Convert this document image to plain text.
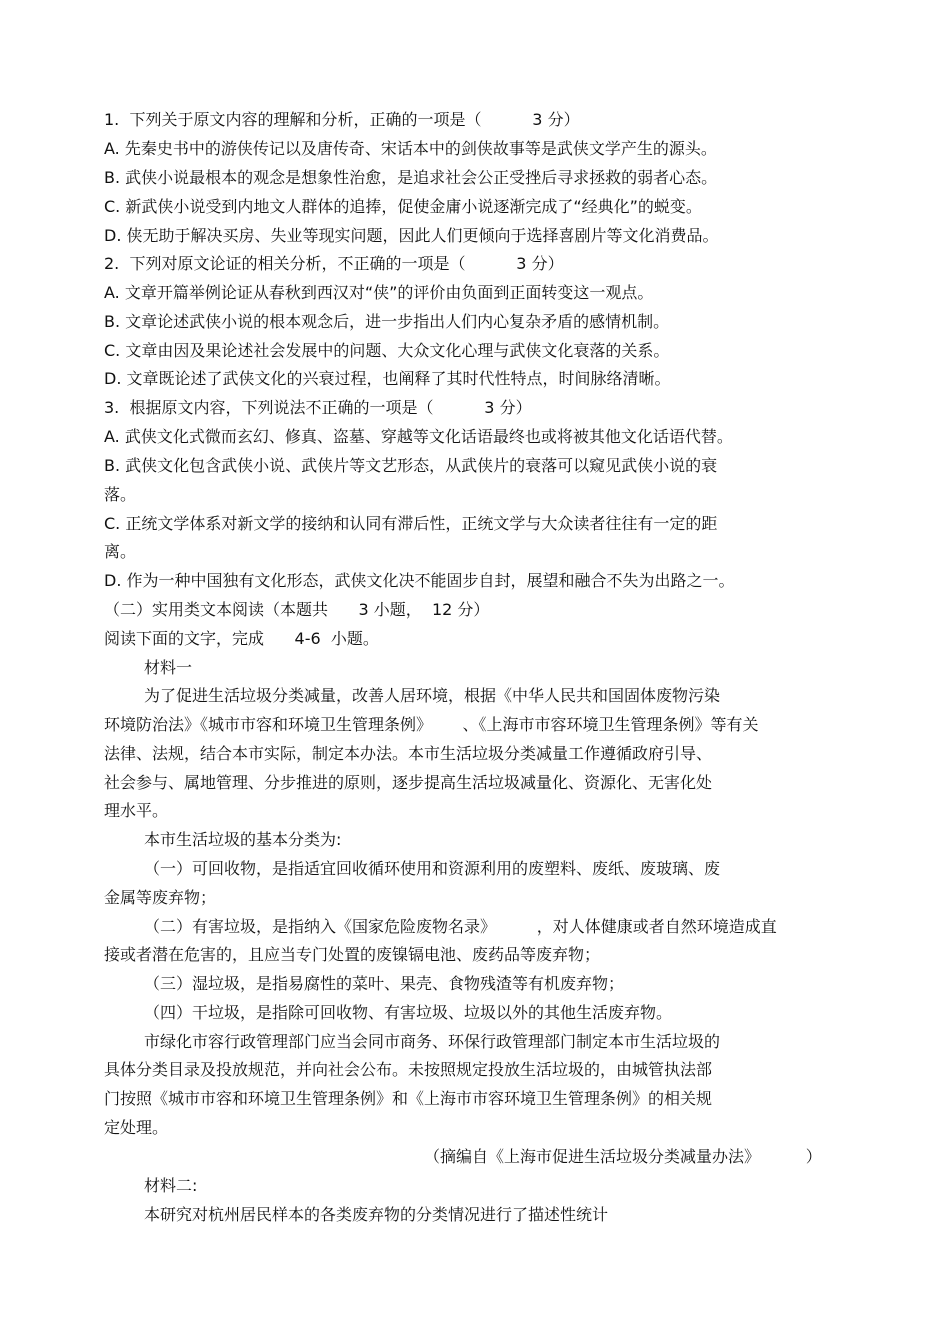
1.  下列关于原文内容的理解和分析，正确的一项是（          3 分）

A. 先秦史书中的游侠传记以及唐传奇、宋话本中的剑侠故事等是武侠文学产生的源头。

B. 武侠小说最根本的观念是想象性治愈，是追求社会公正受挫后寻求拯救的弱者心态。

C. 新武侠小说受到内地文人群体的追捧，促使金庸小说逐渐完成了“经典化”的蜕变。

D. 侠无助于解决买房、失业等现实问题，因此人们更倾向于选择喜剧片等文化消费品。

2.  下列对原文论证的相关分析，不正确的一项是（          3 分）

A. 文章开篇举例论证从春秋到西汉对“侠”的评价由负面到正面转变这一观点。

B. 文章论述武侠小说的根本观念后，进一步指出人们内心复杂矛盾的感情机制。

C. 文章由因及果论述社会发展中的问题、大众文化心理与武侠文化衰落的关系。

D. 文章既论述了武侠文化的兴衰过程，也阐释了其时代性特点，时间脉络清晰。

3.  根据原文内容，下列说法不正确的一项是（          3 分）

A. 武侠文化式微而玄幻、修真、盗墓、穿越等文化话语最终也或将被其他文化话语代替。

B. 武侠文化包含武侠小说、武侠片等文艺形态，从武侠片的衰落可以窥见武侠小说的衰

落。

C. 正统文学体系对新文学的接纳和认同有滞后性，正统文学与大众读者往往有一定的距

离。

D. 作为一种中国独有文化形态，武侠文化决不能固步自封，展望和融合不失为出路之一。

（二）实用类文本阅读（本题共      3 小题，  12 分）

阅读下面的文字，完成      4-6  小题。

材料一

为了促进生活垃圾分类减量，改善人居环境，根据《中华人民共和国固体废物污染

环境防治法》《城市市容和环境卫生管理条例》      、《上海市市容环境卫生管理条例》等有关

法律、法规，结合本市实际，制定本办法。本市生活垃圾分类减量工作遵循政府引导、

社会参与、属地管理、分步推进的原则，逐步提高生活垃圾减量化、资源化、无害化处

理水平。

本市生活垃圾的基本分类为:

（一）可回收物，是指适宜回收循环使用和资源利用的废塑料、废纸、废玻璃、废

金属等废弃物；

（二）有害垃圾，是指纳入《国家危险废物名录》        ，对人体健康或者自然环境造成直

接或者潜在危害的，且应当专门处置的废镍镉电池、废药品等废弃物；

（三）湿垃圾，是指易腐性的菜叶、果壳、食物残渣等有机废弃物；

（四）干垃圾，是指除可回收物、有害垃圾、垃圾以外的其他生活废弃物。

市绿化市容行政管理部门应当会同市商务、环保行政管理部门制定本市生活垃圾的

具体分类目录及投放规范，并向社会公布。未按照规定投放生活垃圾的，由城管执法部

门按照《城市市容和环境卫生管理条例》和《上海市市容环境卫生管理条例》的相关规

定处理。

（摘编自《上海市促进生活垃圾分类减量办法》         ）

材料二:

本研究对杭州居民样本的各类废弃物的分类情况进行了描述性统计
